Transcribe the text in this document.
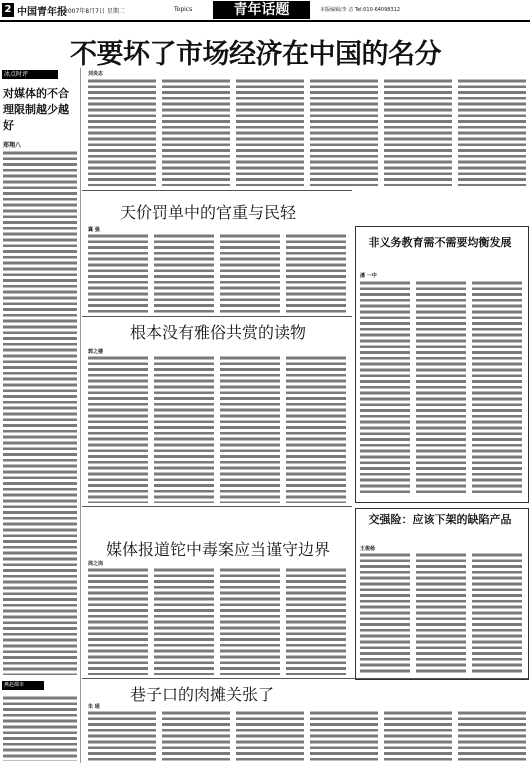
2 中国青年报
2007年8月7日 星期二	Topics	青年话题	本版编辑/李 洁 Tel:010-64098312
不要坏了市场经济在中国的名分
冰点时评
对媒体的不合理限制越少越好
郑翔八
燕赵都市
刘炎志
天价罚单中的官重与民轻
冀 强
非义务教育需不需要均衡发展
潘 一中
根本没有雅俗共赏的读物
郭之楼
交强险：应该下架的缺陷产品
王俊杨
媒体报道铊中毒案应当谨守边界
周之岗
巷子口的肉摊关张了
朱 瑶
